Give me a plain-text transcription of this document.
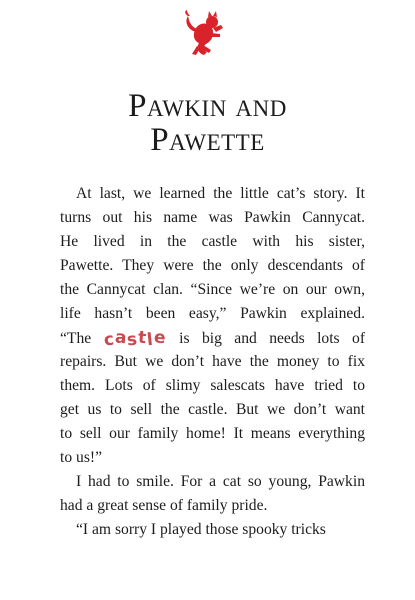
Pawkin and
Pawette
At last, we learned the little cat’s story. It
turns out his name was Pawkin Cannycat.
He lived in the castle with his sister,
Pawette. They were the only descendants of
the Cannycat clan. “Since we’re on our own,
life hasn’t been easy,” Pawkin explained.
“The castle is big and needs lots of
repairs. But we don’t have the money to fix
them. Lots of slimy salescats have tried to
get us to sell the castle. But we don’t want
to sell our family home! It means everything
to us!”
I had to smile. For a cat so young, Pawkin
had a great sense of family pride.
“I am sorry I played those spooky tricks
